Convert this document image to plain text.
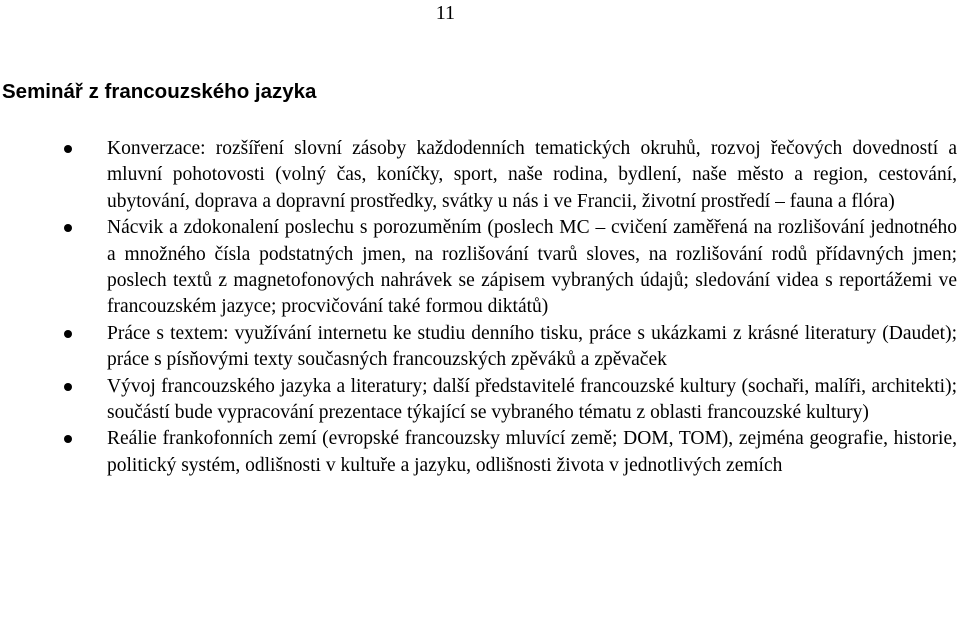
11
Seminář z francouzského jazyka
Konverzace: rozšíření slovní zásoby každodenních tematických okruhů, rozvoj řečových dovedností a mluvní pohotovosti (volný čas, koníčky, sport, naše rodina, bydlení, naše město a region, cestování, ubytování, doprava a dopravní prostředky, svátky u nás i ve Francii, životní prostředí – fauna a flóra)
Nácvik a zdokonalení poslechu s porozuměním (poslech MC – cvičení zaměřená na rozlišování jednotného a množného čísla podstatných jmen, na rozlišování tvarů sloves, na rozlišování rodů přídavných jmen; poslech textů z magnetofonových nahrávek se zápisem vybraných údajů; sledování videa s reportážemi ve francouzském jazyce; procvičování také formou diktátů)
Práce s textem: využívání internetu ke studiu denního tisku, práce s ukázkami z krásné literatury (Daudet); práce s písňovými texty současných francouzských zpěváků a zpěvaček
Vývoj francouzského jazyka a literatury; další představitelé francouzské kultury (sochaři, malíři, architekti); součástí bude vypracování prezentace týkající se vybraného tématu z oblasti francouzské kultury)
Reálie frankofonních zemí (evropské francouzsky mluvící země; DOM, TOM), zejména geografie, historie, politický systém, odlišnosti v kultuře a jazyku, odlišnosti života v jednotlivých zemích
